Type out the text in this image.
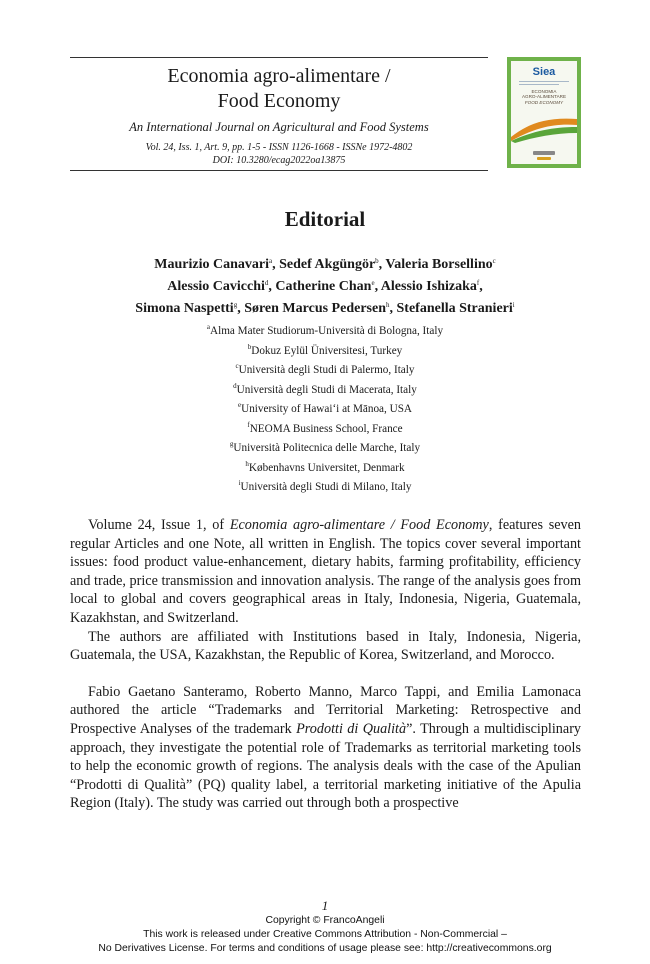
Economia agro-alimentare /
Food Economy
An International Journal on Agricultural and Food Systems
Vol. 24, Iss. 1, Art. 9, pp. 1-5 - ISSN 1126-1668 - ISSNe 1972-4802
DOI: 10.3280/ecag2022oa13875
Siea
ECONOMIA
AGRO-ALIMENTARE
FOOD ECONOMY
Editorial
Maurizio Canavari$^a$, Sedef Akgüngör$^b$, Valeria Borsellino$^c$
Alessio Cavicchi$^d$, Catherine Chan$^e$, Alessio Ishizaka$^f$,
Simona Naspetti$^g$, Søren Marcus Pedersen$^h$, Stefanella Stranieri$^i$
$^a$Alma Mater Studiorum-Università di Bologna, Italy
$^b$Dokuz Eylül Üniversitesi, Turkey
$^c$Università degli Studi di Palermo, Italy
$^d$Università degli Studi di Macerata, Italy
$^e$University of Hawai‘i at Mānoa, USA
$^f$NEOMA Business School, France
$^g$Università Politecnica delle Marche, Italy
$^h$Københavns Universitet, Denmark
$^i$Università degli Studi di Milano, Italy

Volume 24, Issue 1, of Economia agro-alimentare / Food Economy, features seven regular Articles and one Note, all written in English. The topics cover several important issues: food product value-enhancement, dietary habits, farming profitability, efficiency and trade, price transmission and innovation analysis. The range of the analysis goes from local to global and covers geographical areas in Italy, Indonesia, Nigeria, Guatemala, Kazakhstan, and Switzerland.

The authors are affiliated with Institutions based in Italy, Indonesia, Nigeria, Guatemala, the USA, Kazakhstan, the Republic of Korea, Switzerland, and Morocco.

Fabio Gaetano Santeramo, Roberto Manno, Marco Tappi, and Emilia Lamonaca authored the article “Trademarks and Territorial Marketing: Retrospective and Prospective Analyses of the trademark Prodotti di Qualità”. Through a multidisciplinary approach, they investigate the potential role of Trademarks as territorial marketing tools to help the economic growth of regions. The analysis deals with the case of the Apulian “Prodotti di Qualità” (PQ) quality label, a territorial marketing initiative of the Apulia Region (Italy). The study was carried out through both a prospective

1
Copyright © FrancoAngeli
This work is released under Creative Commons Attribution - Non-Commercial –
No Derivatives License. For terms and conditions of usage please see: http://creativecommons.org
